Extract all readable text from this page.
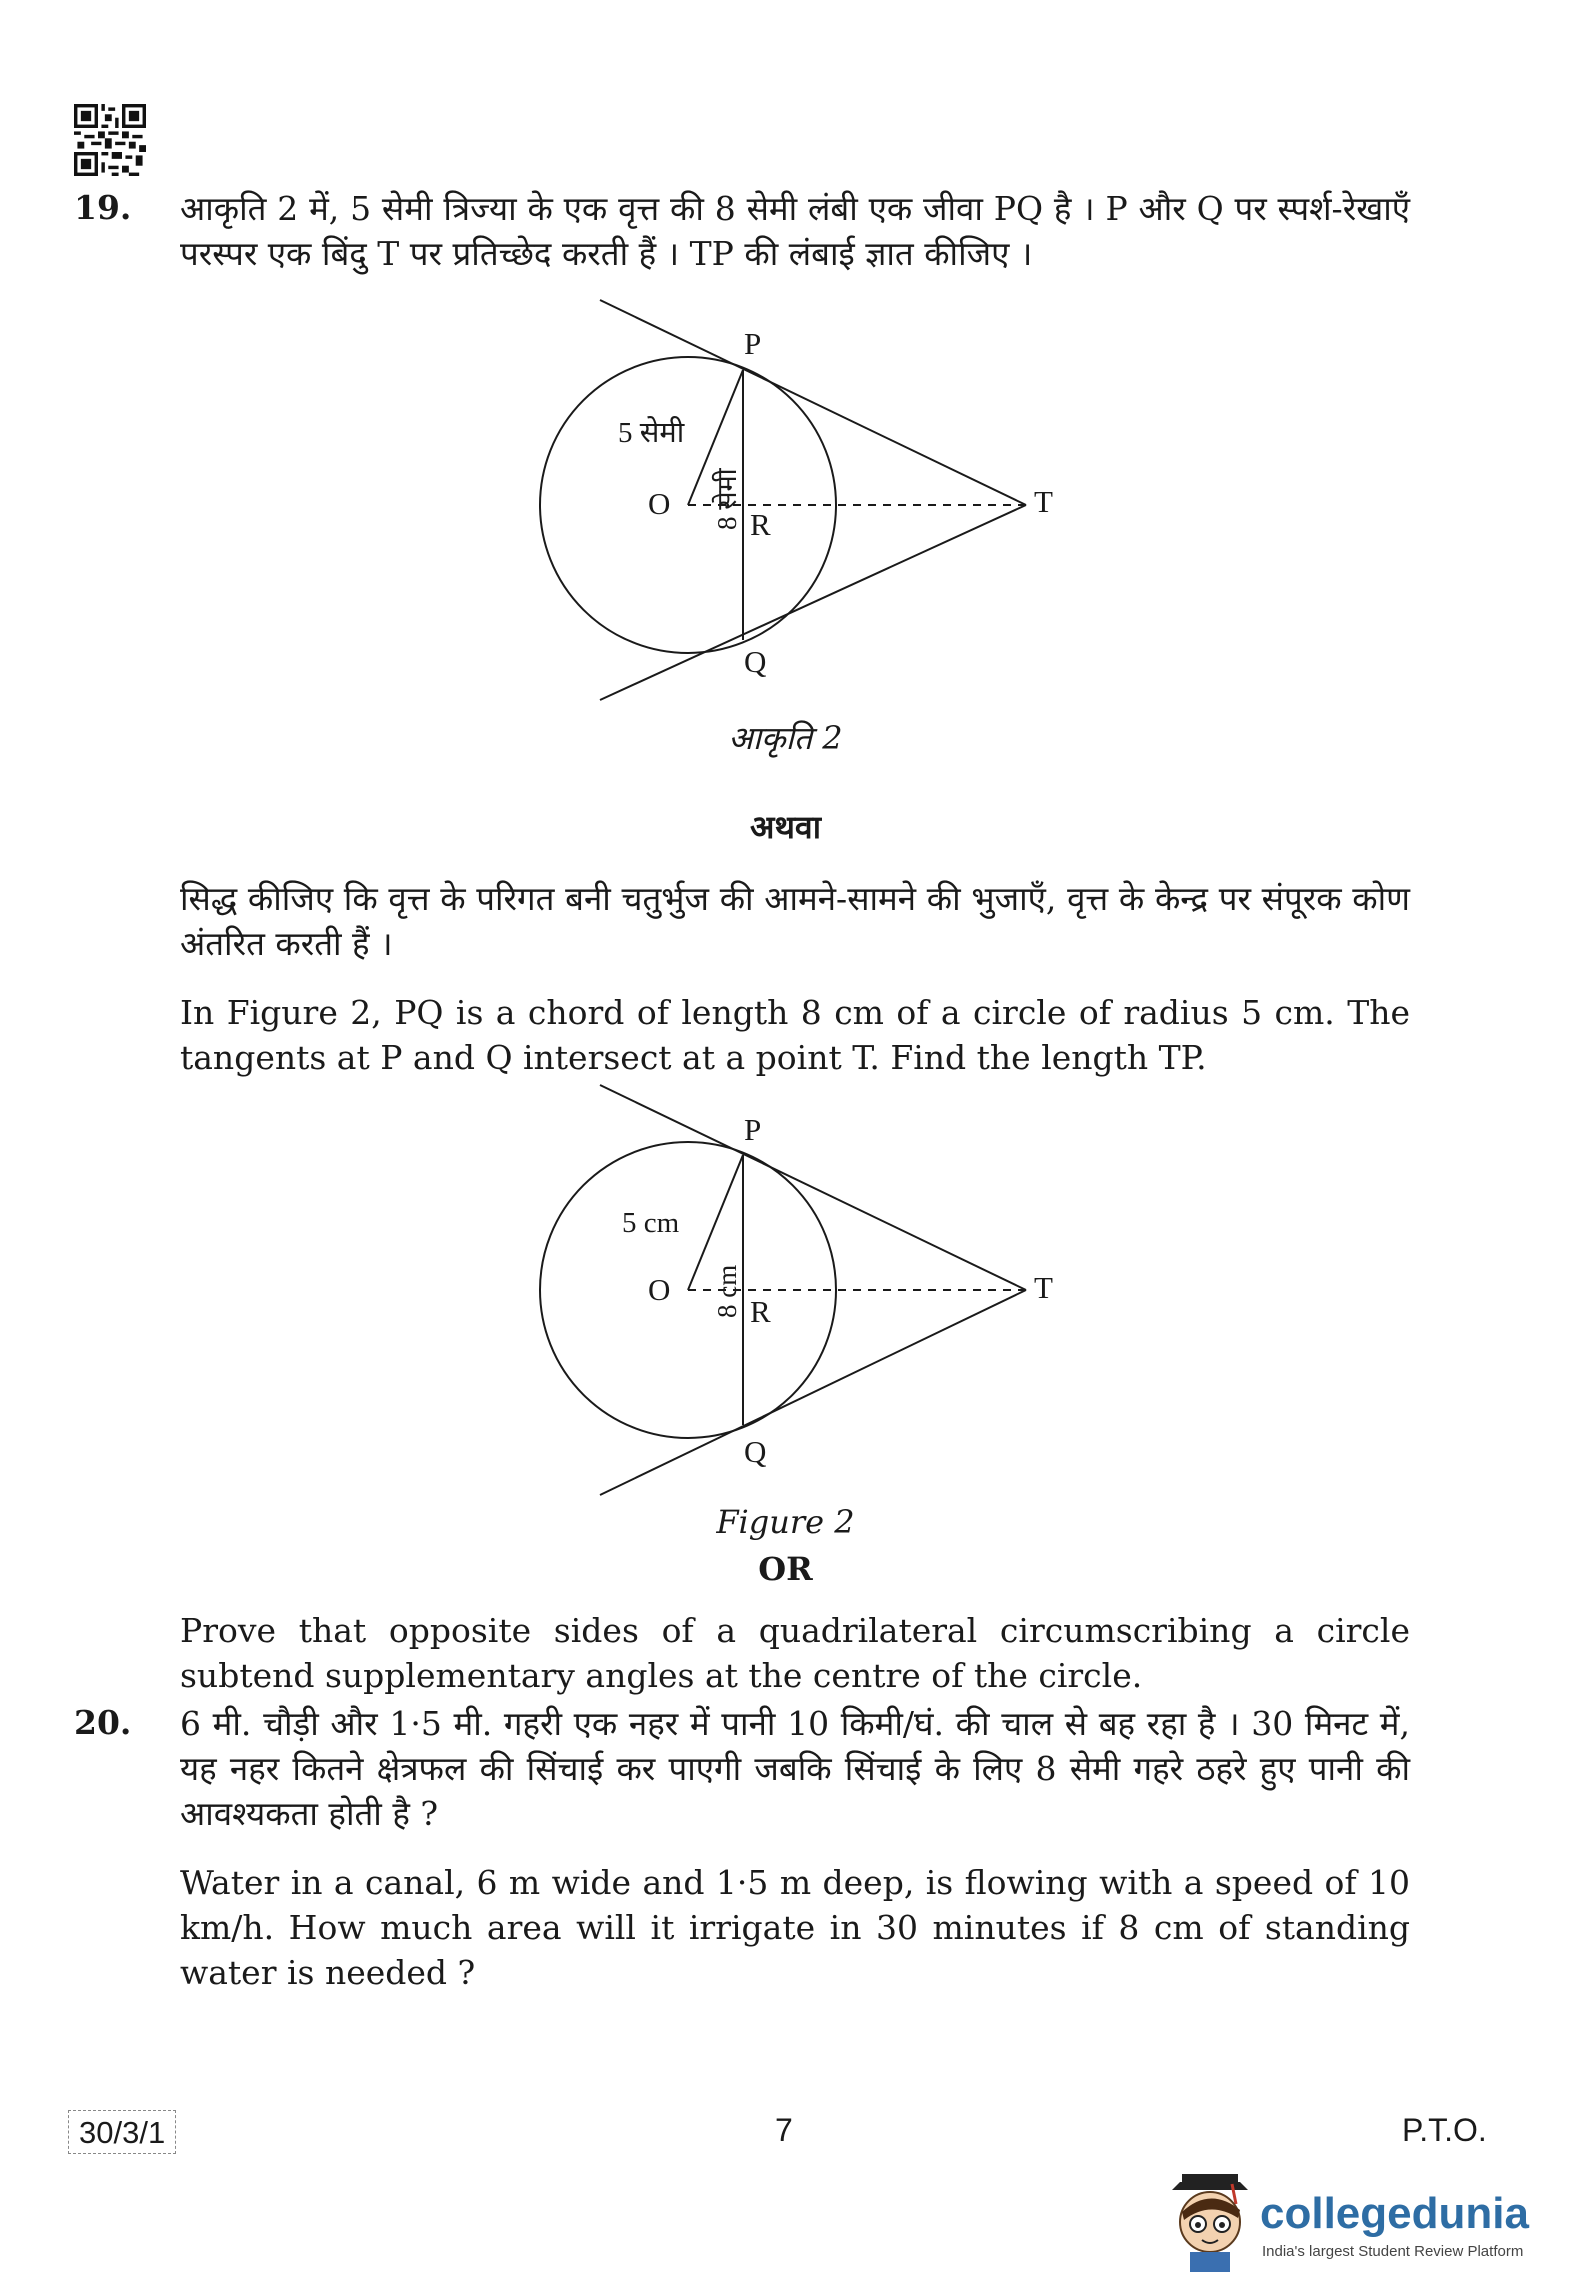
19. आकृति 2 में, 5 सेमी त्रिज्या के एक वृत्त की 8 सेमी लंबी एक जीवा PQ है । P और Q पर स्पर्श-रेखाएँ परस्पर एक बिंदु T पर प्रतिच्छेद करती हैं । TP की लंबाई ज्ञात कीजिए ।
P
Q
O
R
T
5 सेमी
8 सेमी
P
Q
O
R
T
5 cm
8 cm
आकृति 2
अथवा
सिद्ध कीजिए कि वृत्त के परिगत बनी चतुर्भुज की आमने-सामने की भुजाएँ, वृत्त के केन्द्र पर संपूरक कोण अंतरित करती हैं ।
In Figure 2, PQ is a chord of length 8 cm of a circle of radius 5 cm. The tangents at P and Q intersect at a point T. Find the length TP.
Figure 2
OR
Prove that opposite sides of a quadrilateral circumscribing a circle subtend supplementary angles at the centre of the circle.
20. 6 मी. चौड़ी और 1·5 मी. गहरी एक नहर में पानी 10 किमी/घं. की चाल से बह रहा है । 30 मिनट में, यह नहर कितने क्षेत्रफल की सिंचाई कर पाएगी जबकि सिंचाई के लिए 8 सेमी गहरे ठहरे हुए पानी की आवश्यकता होती है ?
Water in a canal, 6 m wide and 1·5 m deep, is flowing with a speed of 10 km/h. How much area will it irrigate in 30 minutes if 8 cm of standing water is needed ?
30/3/1	7	P.T.O.
collegedunia
India's largest Student Review Platform
